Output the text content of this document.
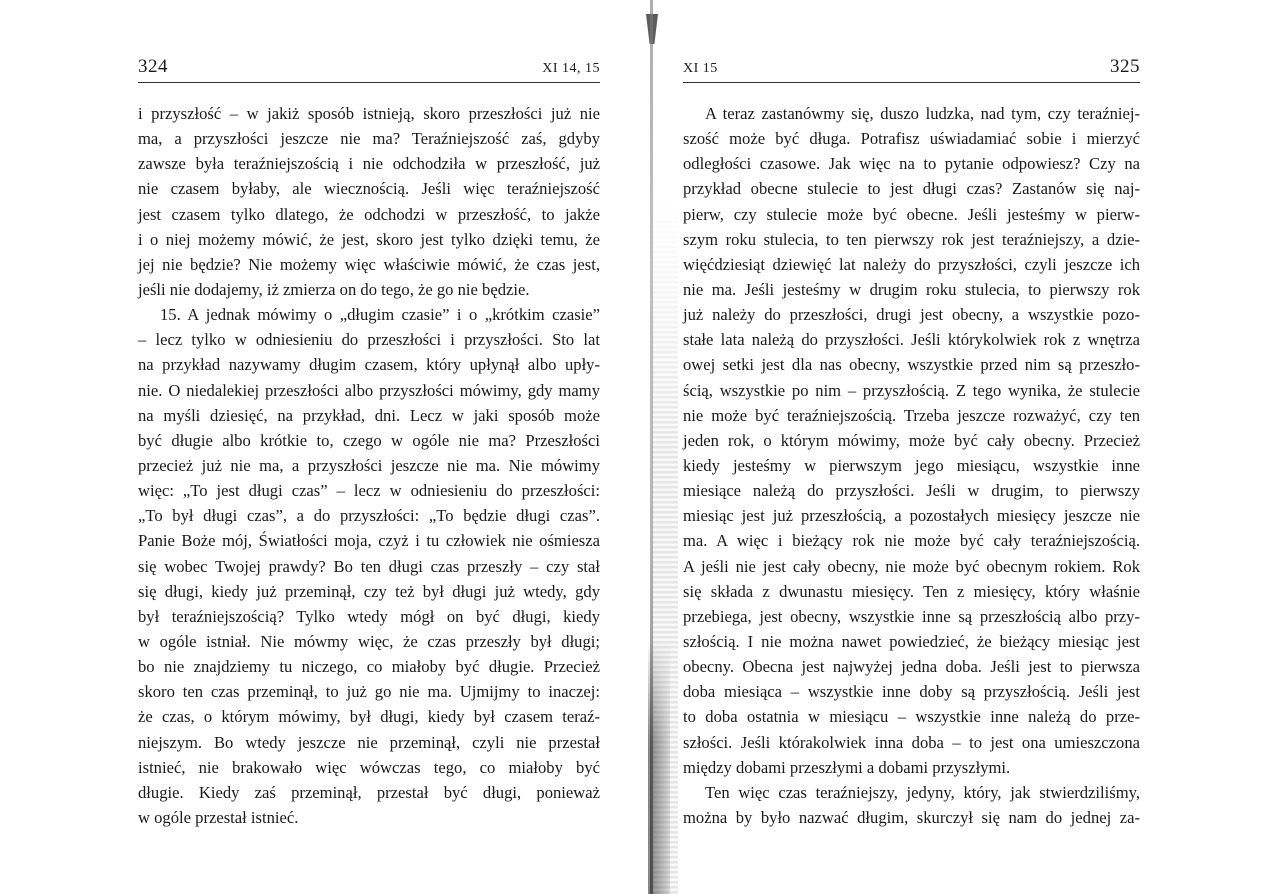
324	XI 14, 15
i przyszłość – w jakiż sposób istnieją, skoro przeszłości już nie
ma, a przyszłości jeszcze nie ma? Teraźniejszość zaś, gdyby
zawsze była teraźniejszością i nie odchodziła w przeszłość, już
nie czasem byłaby, ale wiecznością. Jeśli więc teraźniejszość
jest czasem tylko dlatego, że odchodzi w przeszłość, to jakże
i o niej możemy mówić, że jest, skoro jest tylko dzięki temu, że
jej nie będzie? Nie możemy więc właściwie mówić, że czas jest,
jeśli nie dodajemy, iż zmierza on do tego, że go nie będzie.
15. A jednak mówimy o „długim czasie” i o „krótkim czasie”
– lecz tylko w odniesieniu do przeszłości i przyszłości. Sto lat
na przykład nazywamy długim czasem, który upłynął albo upły-
nie. O niedalekiej przeszłości albo przyszłości mówimy, gdy mamy
na myśli dziesięć, na przykład, dni. Lecz w jaki sposób może
być długie albo krótkie to, czego w ogóle nie ma? Przeszłości
przecież już nie ma, a przyszłości jeszcze nie ma. Nie mówimy
więc: „To jest długi czas” – lecz w odniesieniu do przeszłości:
„To był długi czas”, a do przyszłości: „To będzie długi czas”.
Panie Boże mój, Światłości moja, czyż i tu człowiek nie ośmiesza
się wobec Twojej prawdy? Bo ten długi czas przeszły – czy stał
się długi, kiedy już przeminął, czy też był długi już wtedy, gdy
był teraźniejszością? Tylko wtedy mógł on być długi, kiedy
w ogóle istniał. Nie mówmy więc, że czas przeszły był długi;
bo nie znajdziemy tu niczego, co miałoby być długie. Przecież
skoro ten czas przeminął, to już go nie ma. Ujmijmy to inaczej:
że czas, o którym mówimy, był długi, kiedy był czasem teraź-
niejszym. Bo wtedy jeszcze nie przeminął, czyli nie przestał
istnieć, nie brakowało więc wówczas tego, co miałoby być
długie. Kiedy zaś przeminął, przestał być długi, ponieważ
w ogóle przestał istnieć.
XI 15	325
A teraz zastanówmy się, duszo ludzka, nad tym, czy teraźniej-
szość może być długa. Potrafisz uświadamiać sobie i mierzyć
odległości czasowe. Jak więc na to pytanie odpowiesz? Czy na
przykład obecne stulecie to jest długi czas? Zastanów się naj-
pierw, czy stulecie może być obecne. Jeśli jesteśmy w pierw-
szym roku stulecia, to ten pierwszy rok jest teraźniejszy, a dzie-
więćdziesiąt dziewięć lat należy do przyszłości, czyli jeszcze ich
nie ma. Jeśli jesteśmy w drugim roku stulecia, to pierwszy rok
już należy do przeszłości, drugi jest obecny, a wszystkie pozo-
stałe lata należą do przyszłości. Jeśli którykolwiek rok z wnętrza
owej setki jest dla nas obecny, wszystkie przed nim są przeszło-
ścią, wszystkie po nim – przyszłością. Z tego wynika, że stulecie
nie może być teraźniejszością. Trzeba jeszcze rozważyć, czy ten
jeden rok, o którym mówimy, może być cały obecny. Przecież
kiedy jesteśmy w pierwszym jego miesiącu, wszystkie inne
miesiące należą do przyszłości. Jeśli w drugim, to pierwszy
miesiąc jest już przeszłością, a pozostałych miesięcy jeszcze nie
ma. A więc i bieżący rok nie może być cały teraźniejszością.
A jeśli nie jest cały obecny, nie może być obecnym rokiem. Rok
się składa z dwunastu miesięcy. Ten z miesięcy, który właśnie
przebiega, jest obecny, wszystkie inne są przeszłością albo przy-
szłością. I nie można nawet powiedzieć, że bieżący miesiąc jest
obecny. Obecna jest najwyżej jedna doba. Jeśli jest to pierwsza
doba miesiąca – wszystkie inne doby są przyszłością. Jeśli jest
to doba ostatnia w miesiącu – wszystkie inne należą do prze-
szłości. Jeśli którakolwiek inna doba – to jest ona umieszczona
między dobami przeszłymi a dobami przyszłymi.
Ten więc czas teraźniejszy, jedyny, który, jak stwierdziliśmy,
można by było nazwać długim, skurczył się nam do jednej za-
